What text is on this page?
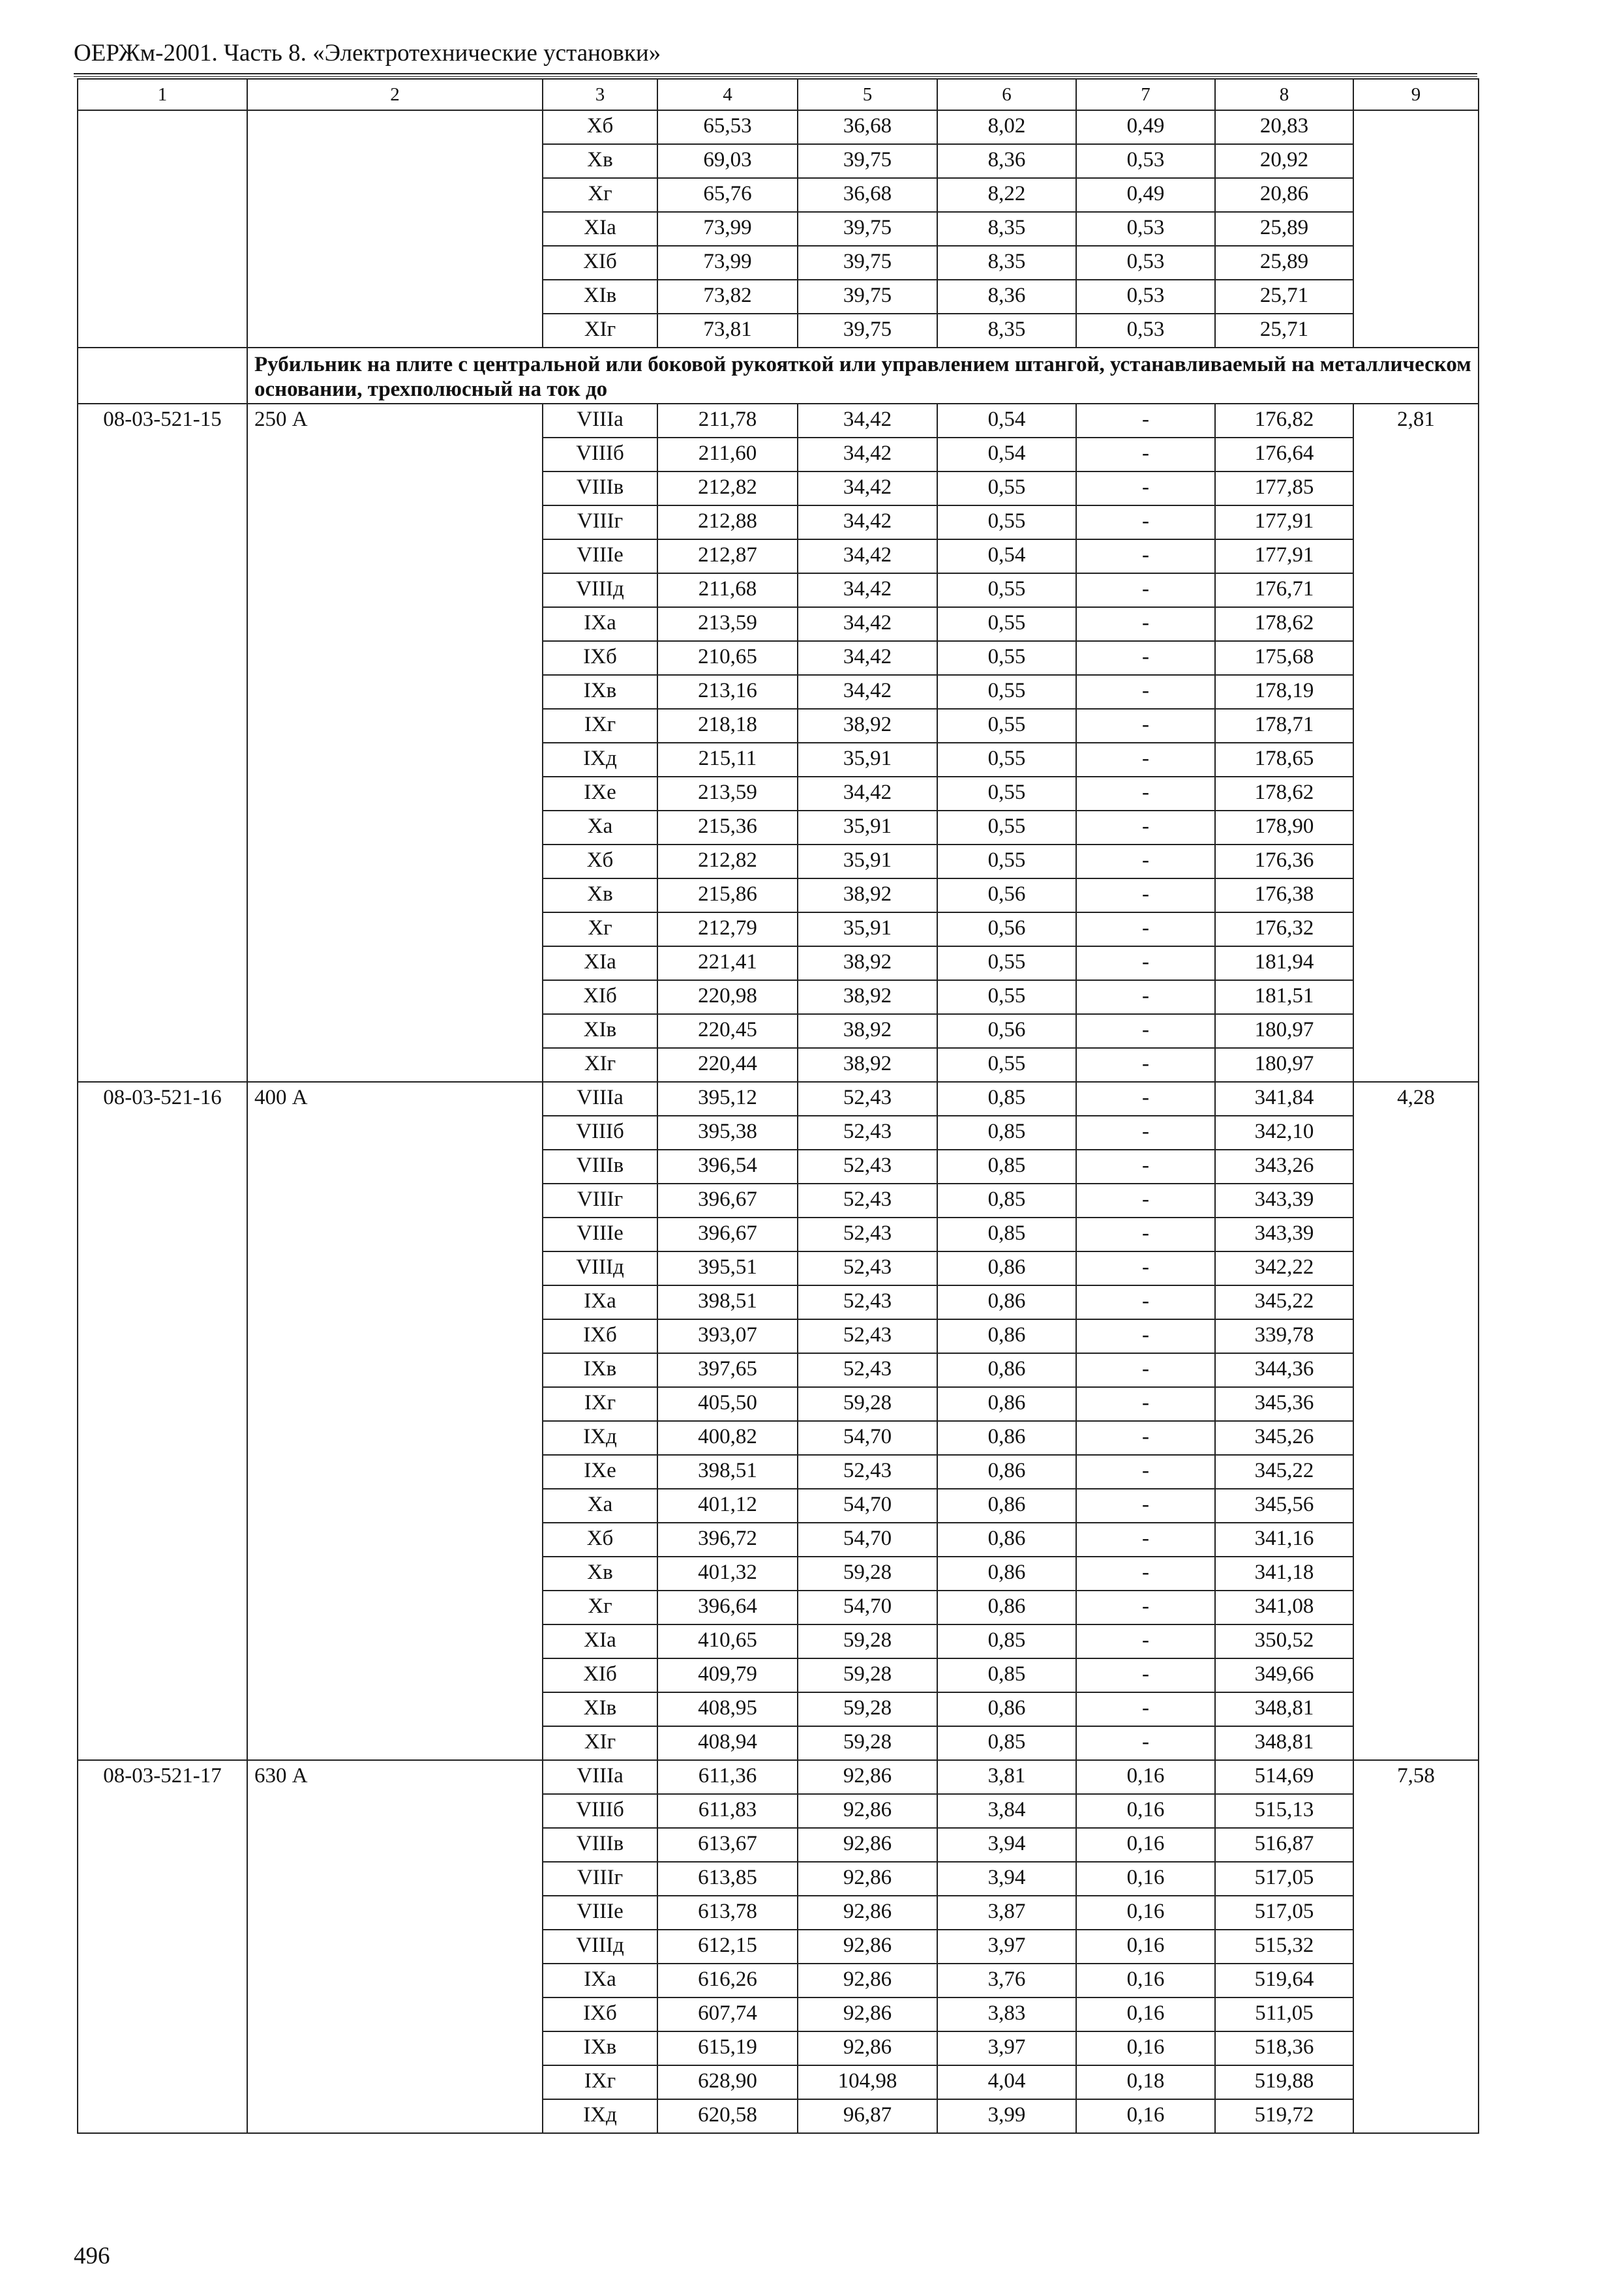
ОЕРЖм-2001. Часть 8. «Электротехнические установки»
1	2	3	4	5	6	7	8	9
		Xб	65,53	36,68	8,02	0,49	20,83	
		Xв	69,03	39,75	8,36	0,53	20,92	
		Xг	65,76	36,68	8,22	0,49	20,86	
		XIa	73,99	39,75	8,35	0,53	25,89	
		XIб	73,99	39,75	8,35	0,53	25,89	
		XIв	73,82	39,75	8,36	0,53	25,71	
		XIг	73,81	39,75	8,35	0,53	25,71	
	Рубильник на плите с центральной или боковой рукояткой или управлением штангой, устанавливаемый на металлическом основании, трехполюсный на ток до							
08-03-521-15	250 А	VIIIa	211,78	34,42	0,54	-	176,82	2,81
		VIIIб	211,60	34,42	0,54	-	176,64	
		VIIIв	212,82	34,42	0,55	-	177,85	
		VIIIг	212,88	34,42	0,55	-	177,91	
		VIIIe	212,87	34,42	0,54	-	177,91	
		VIIIд	211,68	34,42	0,55	-	176,71	
		IXa	213,59	34,42	0,55	-	178,62	
		IXб	210,65	34,42	0,55	-	175,68	
		IXв	213,16	34,42	0,55	-	178,19	
		IXг	218,18	38,92	0,55	-	178,71	
		IXд	215,11	35,91	0,55	-	178,65	
		IXe	213,59	34,42	0,55	-	178,62	
		Xa	215,36	35,91	0,55	-	178,90	
		Xб	212,82	35,91	0,55	-	176,36	
		Xв	215,86	38,92	0,56	-	176,38	
		Xг	212,79	35,91	0,56	-	176,32	
		XIa	221,41	38,92	0,55	-	181,94	
		XIб	220,98	38,92	0,55	-	181,51	
		XIв	220,45	38,92	0,56	-	180,97	
		XIг	220,44	38,92	0,55	-	180,97	
08-03-521-16	400 А	VIIIa	395,12	52,43	0,85	-	341,84	4,28
		VIIIб	395,38	52,43	0,85	-	342,10	
		VIIIв	396,54	52,43	0,85	-	343,26	
		VIIIг	396,67	52,43	0,85	-	343,39	
		VIIIe	396,67	52,43	0,85	-	343,39	
		VIIIд	395,51	52,43	0,86	-	342,22	
		IXa	398,51	52,43	0,86	-	345,22	
		IXб	393,07	52,43	0,86	-	339,78	
		IXв	397,65	52,43	0,86	-	344,36	
		IXг	405,50	59,28	0,86	-	345,36	
		IXд	400,82	54,70	0,86	-	345,26	
		IXe	398,51	52,43	0,86	-	345,22	
		Xa	401,12	54,70	0,86	-	345,56	
		Xб	396,72	54,70	0,86	-	341,16	
		Xв	401,32	59,28	0,86	-	341,18	
		Xг	396,64	54,70	0,86	-	341,08	
		XIa	410,65	59,28	0,85	-	350,52	
		XIб	409,79	59,28	0,85	-	349,66	
		XIв	408,95	59,28	0,86	-	348,81	
		XIг	408,94	59,28	0,85	-	348,81	
08-03-521-17	630 А	VIIIa	611,36	92,86	3,81	0,16	514,69	7,58
		VIIIб	611,83	92,86	3,84	0,16	515,13	
		VIIIв	613,67	92,86	3,94	0,16	516,87	
		VIIIг	613,85	92,86	3,94	0,16	517,05	
		VIIIe	613,78	92,86	3,87	0,16	517,05	
		VIIIд	612,15	92,86	3,97	0,16	515,32	
		IXa	616,26	92,86	3,76	0,16	519,64	
		IXб	607,74	92,86	3,83	0,16	511,05	
		IXв	615,19	92,86	3,97	0,16	518,36	
		IXг	628,90	104,98	4,04	0,18	519,88	
		IXд	620,58	96,87	3,99	0,16	519,72	
496
